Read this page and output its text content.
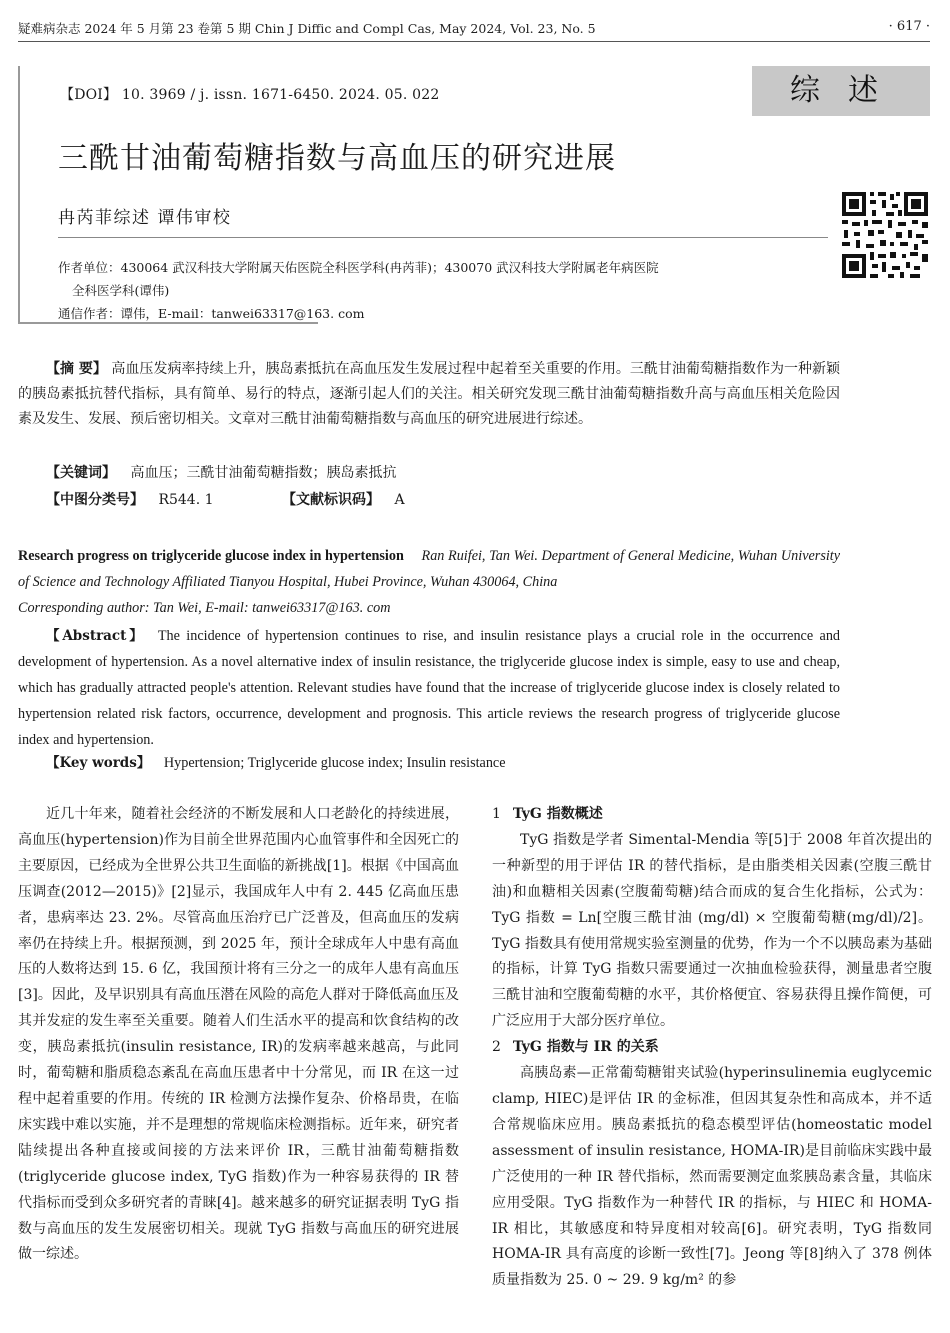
疑难病杂志 2024 年 5 月第 23 卷第 5 期 Chin J Diffic and Compl Cas, May 2024, Vol. 23, No. 5	· 617 ·
【DOI】 10. 3969 / j. issn. 1671-6450. 2024. 05. 022	综述
三酰甘油葡萄糖指数与高血压的研究进展
冉芮菲综述 谭伟审校
作者单位：430064 武汉科技大学附属天佑医院全科医学科(冉芮菲)；430070 武汉科技大学附属老年病医院
全科医学科(谭伟)
通信作者：谭伟，E-mail：tanwei63317@163. com
【摘 要】 高血压发病率持续上升，胰岛素抵抗在高血压发生发展过程中起着至关重要的作用。三酰甘油葡萄糖指数作为一种新颖的胰岛素抵抗替代指标，具有简单、易行的特点，逐渐引起人们的关注。相关研究发现三酰甘油葡萄糖指数升高与高血压相关危险因素及发生、发展、预后密切相关。文章对三酰甘油葡萄糖指数与高血压的研究进展进行综述。
【关键词】 高血压；三酰甘油葡萄糖指数；胰岛素抵抗
【中图分类号】 R544. 1	【文献标识码】 A
Research progress on triglyceride glucose index in hypertension Ran Ruifei, Tan Wei. Department of General Medicine, Wuhan University of Science and Technology Affiliated Tianyou Hospital, Hubei Province, Wuhan 430064, China
Corresponding author: Tan Wei, E-mail: tanwei63317@163. com
【Abstract】 The incidence of hypertension continues to rise, and insulin resistance plays a crucial role in the occurrence and development of hypertension. As a novel alternative index of insulin resistance, the triglyceride glucose index is simple, easy to use and cheap, which has gradually attracted people's attention. Relevant studies have found that the increase of triglyceride glucose index is closely related to hypertension related risk factors, occurrence, development and prognosis. This article reviews the research progress of triglyceride glucose index and hypertension.
【Key words】 Hypertension; Triglyceride glucose index; Insulin resistance

近几十年来，随着社会经济的不断发展和人口老龄化的持续进展，高血压(hypertension)作为目前全世界范围内心血管事件和全因死亡的主要原因，已经成为全世界公共卫生面临的新挑战[1]。根据《中国高血压调查(2012—2015)》[2]显示，我国成年人中有 2. 445 亿高血压患者，患病率达 23. 2%。尽管高血压治疗已广泛普及，但高血压的发病率仍在持续上升。根据预测，到 2025 年，预计全球成年人中患有高血压的人数将达到 15. 6 亿，我国预计将有三分之一的成年人患有高血压[3]。因此，及早识别具有高血压潜在风险的高危人群对于降低高血压及其并发症的发生率至关重要。随着人们生活水平的提高和饮食结构的改变，胰岛素抵抗(insulin resistance, IR)的发病率越来越高，与此同时，葡萄糖和脂质稳态紊乱在高血压患者中十分常见，而 IR 在这一过程中起着重要的作用。传统的 IR 检测方法操作复杂、价格昂贵，在临床实践中难以实施，并不是理想的常规临床检测指标。近年来，研究者陆续提出各种直接或间接的方法来评价 IR，三酰甘油葡萄糖指数(triglyceride glucose index, TyG 指数)作为一种容易获得的 IR 替代指标而受到众多研究者的青睐[4]。越来越多的研究证据表明 TyG 指数与高血压的发生发展密切相关。现就 TyG 指数与高血压的研究进展做一综述。

1 TyG 指数概述

TyG 指数是学者 Simental-Mendia 等[5]于 2008 年首次提出的一种新型的用于评估 IR 的替代指标，是由脂类相关因素(空腹三酰甘油)和血糖相关因素(空腹葡萄糖)结合而成的复合生化指标，公式为：TyG 指数 = Ln[空腹三酰甘油 (mg/dl) × 空腹葡萄糖(mg/dl)/2]。TyG 指数具有使用常规实验室测量的优势，作为一个不以胰岛素为基础的指标，计算 TyG 指数只需要通过一次抽血检验获得，测量患者空腹三酰甘油和空腹葡萄糖的水平，其价格便宜、容易获得且操作简便，可广泛应用于大部分医疗单位。

2 TyG 指数与 IR 的关系

高胰岛素—正常葡萄糖钳夹试验(hyperinsulinemia euglycemic clamp, HIEC)是评估 IR 的金标准，但因其复杂性和高成本，并不适合常规临床应用。胰岛素抵抗的稳态模型评估(homeostatic model assessment of insulin resistance, HOMA-IR)是目前临床实践中最广泛使用的一种 IR 替代指标，然而需要测定血浆胰岛素含量，其临床应用受限。TyG 指数作为一种替代 IR 的指标，与 HIEC 和 HOMA-IR 相比，其敏感度和特异度相对较高[6]。研究表明，TyG 指数同 HOMA-IR 具有高度的诊断一致性[7]。Jeong 等[8]纳入了 378 例体质量指数为 25. 0 ~ 29. 9 kg/m² 的参
